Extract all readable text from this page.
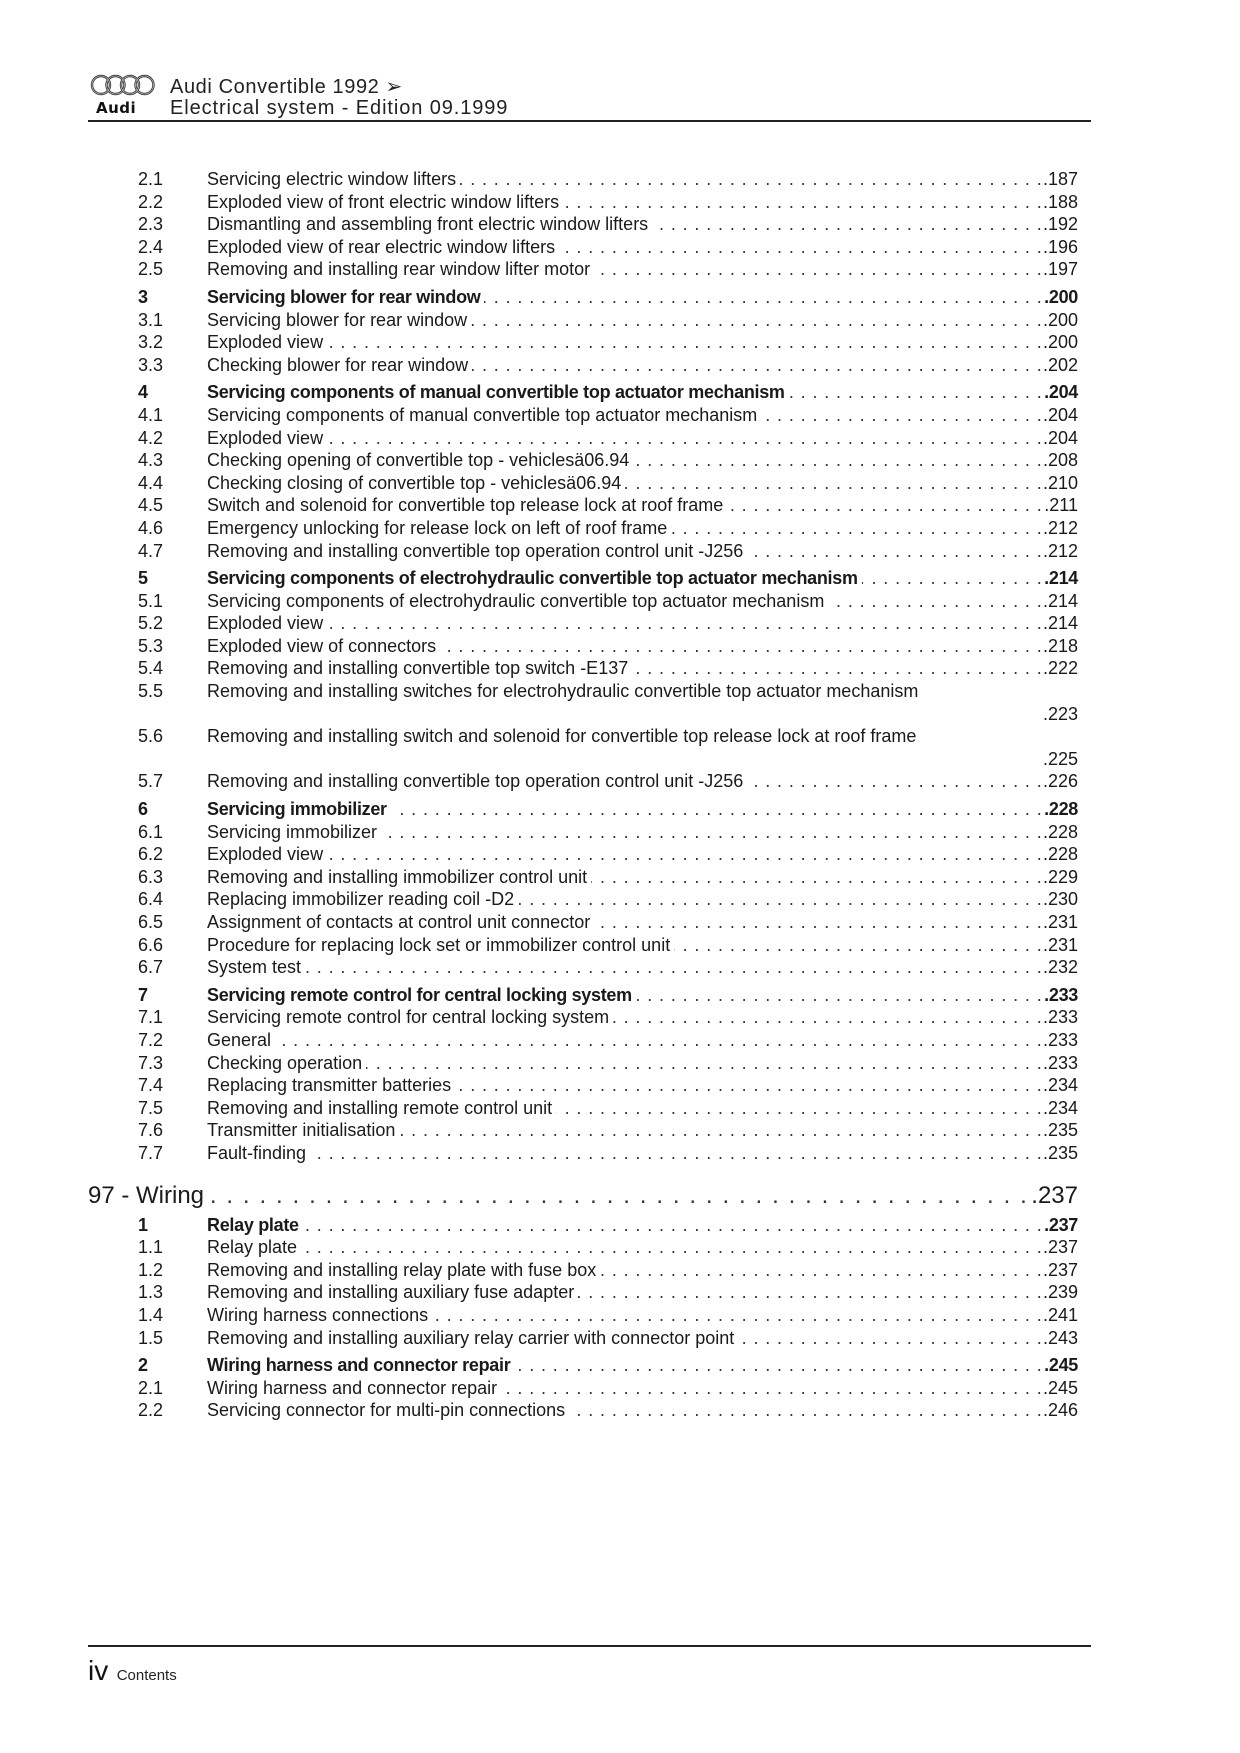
Audi
Audi Convertible 1992 ➢
Electrical system - Edition 09.1999
2.1 Servicing electric window lifters . . .	.187
2.2 Exploded view of front electric window lifters . . .	.188
2.3 Dismantling and assembling front electric window lifters . . .	.192
2.4 Exploded view of rear electric window lifters . . .	.196
2.5 Removing and installing rear window lifter motor . . .	.197
3	Servicing blower for rear window . . .	.200
3.1 Servicing blower for rear window . . .	.200
3.2 Exploded view . . .	.200
3.3 Checking blower for rear window . . .	.202
4	Servicing components of manual convertible top actuator mechanism . . .	.204
4.1 Servicing components of manual convertible top actuator mechanism . . .	.204
4.2 Exploded view . . .	.204
4.3 Checking opening of convertible top - vehiclesä06.94 . . .	.208
4.4 Checking closing of convertible top - vehiclesä06.94 . . .	.210
4.5 Switch and solenoid for convertible top release lock at roof frame . . .	.211
4.6 Emergency unlocking for release lock on left of roof frame . . .	.212
4.7 Removing and installing convertible top operation control unit -J256 . . .	.212
5	Servicing components of electrohydraulic convertible top actuator mechanism . . .	.214
5.1 Servicing components of electrohydraulic convertible top actuator mechanism . . .	.214
5.2 Exploded view . . .	.214
5.3 Exploded view of connectors . . .	.218
5.4 Removing and installing convertible top switch -E137 . . .	.222
5.5 Removing and installing switches for electrohydraulic convertible top actuator mechanism
.223
5.6 Removing and installing switch and solenoid for convertible top release lock at roof frame
.225
5.7 Removing and installing convertible top operation control unit -J256 . . .	.226
6	Servicing immobilizer . . .	.228
6.1 Servicing immobilizer . . .	.228
6.2 Exploded view . . .	.228
6.3 Removing and installing immobilizer control unit . . .	.229
6.4 Replacing immobilizer reading coil -D2 . . .	.230
6.5 Assignment of contacts at control unit connector . . .	.231
6.6 Procedure for replacing lock set or immobilizer control unit . . .	.231
6.7 System test . . .	.232
7	Servicing remote control for central locking system . . .	.233
7.1 Servicing remote control for central locking system . . .	.233
7.2 General . . .	.233
7.3 Checking operation . . .	.233
7.4 Replacing transmitter batteries . . .	.234
7.5 Removing and installing remote control unit . . .	.234
7.6 Transmitter initialisation . . .	.235
7.7 Fault-finding . . .	.235
97 - Wiring . . .	.237
1	Relay plate . . .	.237
1.1 Relay plate . . .	.237
1.2 Removing and installing relay plate with fuse box . . .	.237
1.3 Removing and installing auxiliary fuse adapter . . .	.239
1.4 Wiring harness connections . . .	.241
1.5 Removing and installing auxiliary relay carrier with connector point . . .	.243
2	Wiring harness and connector repair . . .	.245
2.1 Wiring harness and connector repair . . .	.245
2.2 Servicing connector for multi-pin connections . . .	.246
iv Contents
